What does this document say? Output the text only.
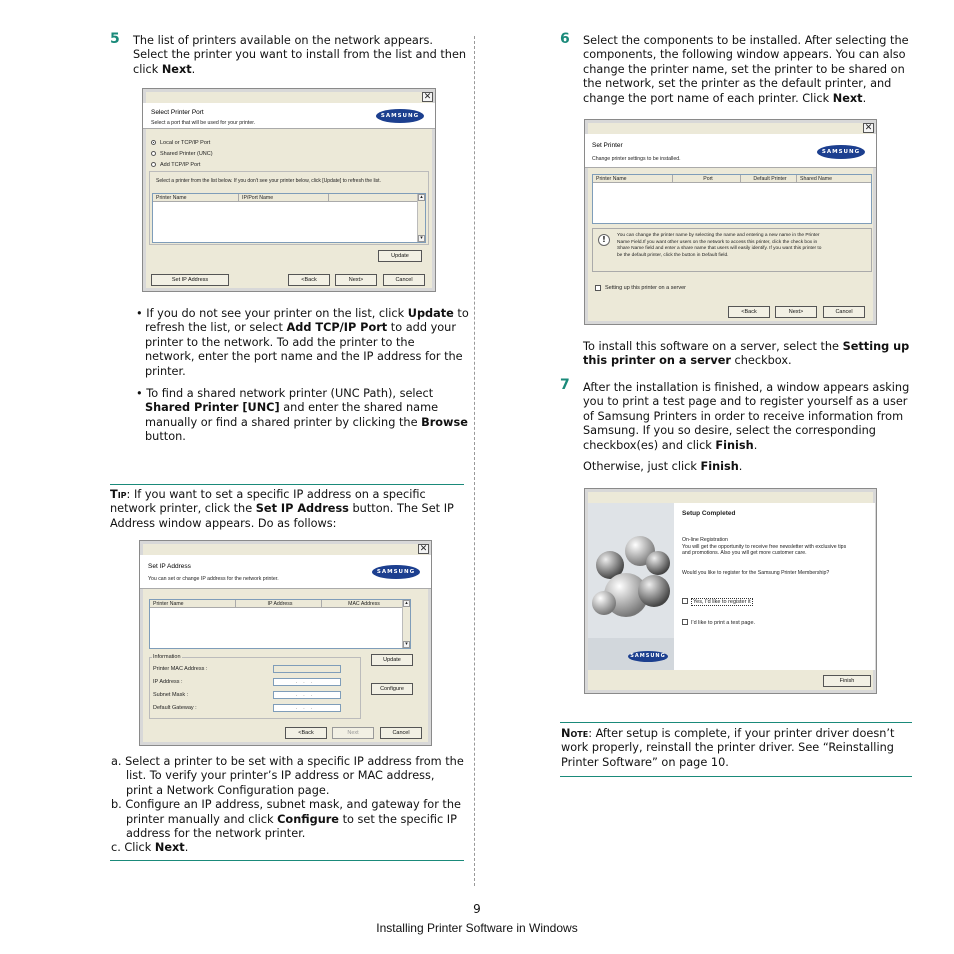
5 The list of printers available on the network appears.
Select the printer you want to install from the list and then
click Next.
✕
Select Printer Port
Select a port that will be used for your printer.
SAMSUNG
Local or TCP/IP Port
Shared Printer (UNC)
Add TCP/IP Port
Select a printer from the list below. If you don't see your printer below, click [Update] to refresh the list.
Printer Name	IP/Port Name	▴
▾
Update
Set IP Address	<Back	Next>	Cancel
• If you do not see your printer on the list, click Update to
refresh the list, or select Add TCP/IP Port to add your
printer to the network. To add the printer to the
network, enter the port name and the IP address for the
printer.
• To find a shared network printer (UNC Path), select
Shared Printer [UNC] and enter the shared name
manually or find a shared printer by clicking the Browse
button.
Tip: If you want to set a specific IP address on a specific
network printer, click the Set IP Address button. The Set IP
Address window appears. Do as follows:
✕
Set IP Address
You can set or change IP address for the network printer.
SAMSUNG
Printer Name	IP Address	MAC Address	▴
▾
Information
Printer MAC Address :
IP Address :	...
Subnet Mask :	...
Default Gateway :	...
Update
Configure
<Back	Next	Cancel
a. Select a printer to be set with a specific IP address from the
list. To verify your printer’s IP address or MAC address,
print a Network Configuration page.
b. Configure an IP address, subnet mask, and gateway for the
printer manually and click Configure to set the specific IP
address for the network printer.
c. Click Next.
6 Select the components to be installed. After selecting the
components, the following window appears. You can also
change the printer name, set the printer to be shared on
the network, set the printer as the default printer, and
change the port name of each printer. Click Next.
✕
Set Printer
Change printer settings to be installed.
SAMSUNG
Printer Name	Port	Default Printer	Shared Name
!	You can change the printer name by selecting the name and entering a new name in the Printer
Name Field.If you want other users on the network to access this printer, click the check box in
Share Name field and enter a share name that users will easily identify. If you want this printer to
be the default printer, click the button in Default field.
Setting up this printer on a server
<Back	Next>	Cancel
To install this software on a server, select the Setting up
this printer on a server checkbox.
7 After the installation is finished, a window appears asking
you to print a test page and to register yourself as a user
of Samsung Printers in order to receive information from
Samsung. If you so desire, select the corresponding
checkbox(es) and click Finish.
Otherwise, just click Finish.
SAMSUNG
Setup Completed
On-line Registration
You will get the opportunity to receive free newsletter with exclusive tips
and promotions. Also you will get more customer care.
Would you like to register for the Samsung Printer Membership?
Yes, I'd like to register it
I'd like to print a test page.
Finish
Note: After setup is complete, if your printer driver doesn’t
work properly, reinstall the printer driver. See “Reinstalling
Printer Software” on page 10.
9
Installing Printer Software in Windows
